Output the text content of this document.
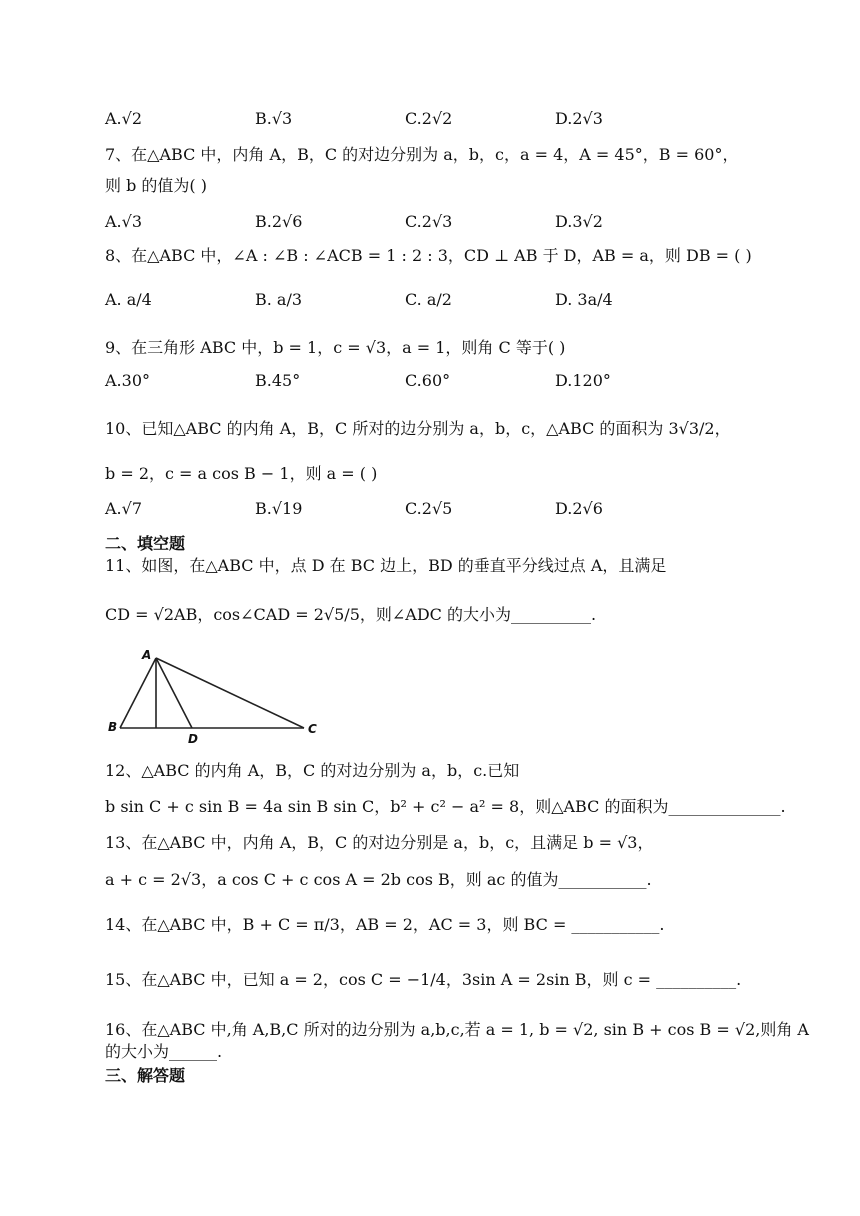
A.√2	B.√3	C.2√2	D.2√3
7、在△ABC 中，内角 A，B，C 的对边分别为 a，b，c，a = 4，A = 45°，B = 60°，
则 b 的值为( )
A.√3	B.2√6	C.2√3	D.3√2
8、在△ABC 中，∠A : ∠B : ∠ACB = 1 : 2 : 3，CD ⊥ AB 于 D，AB = a，则 DB = ( )
A. a/4	B. a/3	C. a/2	D. 3a/4
9、在三角形 ABC 中，b = 1，c = √3，a = 1，则角 C 等于( )
A.30°	B.45°	C.60°	D.120°
10、已知△ABC 的内角 A，B，C 所对的边分别为 a，b，c，△ABC 的面积为 3√3/2，
b = 2，c = a cos B − 1，则 a = ( )
A.√7	B.√19	C.2√5	D.2√6
二、填空题
11、如图，在△ABC 中，点 D 在 BC 边上，BD 的垂直平分线过点 A，且满足
CD = √2AB，cos∠CAD = 2√5/5，则∠ADC 的大小为__________.
A
B
D
C
12、△ABC 的内角 A，B，C 的对边分别为 a，b，c.已知
b sin C + c sin B = 4a sin B sin C，b² + c² − a² = 8，则△ABC 的面积为______________.
13、在△ABC 中，内角 A，B，C 的对边分别是 a，b，c，且满足 b = √3，
a + c = 2√3，a cos C + c cos A = 2b cos B，则 ac 的值为___________.
14、在△ABC 中，B + C = π/3，AB = 2，AC = 3，则 BC = ___________.
15、在△ABC 中，已知 a = 2，cos C = −1/4，3sin A = 2sin B，则 c = __________.
16、在△ABC 中,角 A,B,C 所对的边分别为 a,b,c,若 a = 1, b = √2, sin B + cos B = √2,则角 A
的大小为______.
三、解答题
